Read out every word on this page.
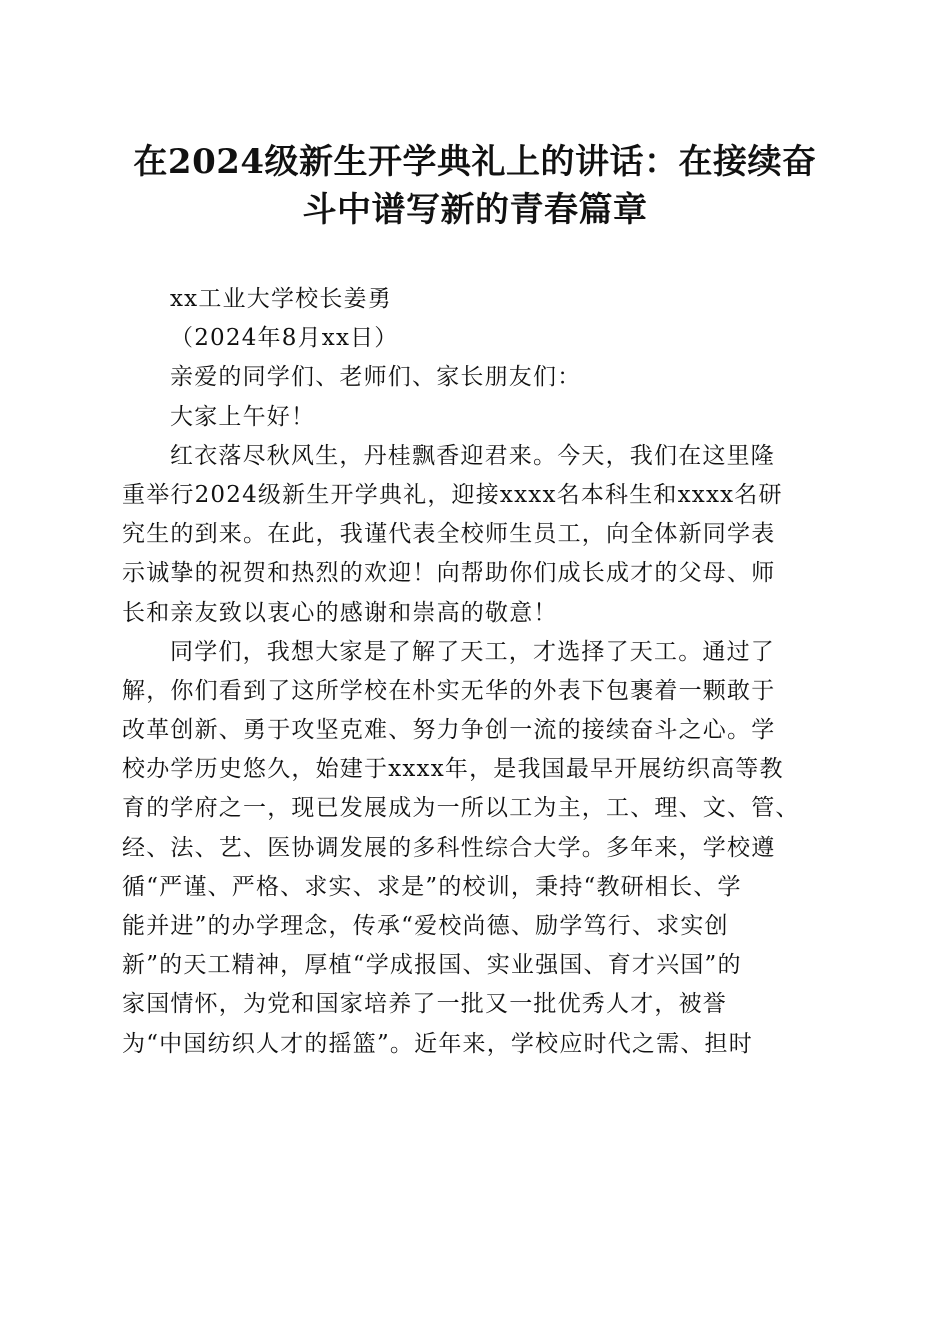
在2024级新生开学典礼上的讲话：在接续奋
斗中谱写新的青春篇章
xx工业大学校长姜勇
（2024年8月xx日）
亲爱的同学们、老师们、家长朋友们：
大家上午好！
红衣落尽秋风生，丹桂飘香迎君来。今天，我们在这里隆
重举行2024级新生开学典礼，迎接xxxx名本科生和xxxx名研
究生的到来。在此，我谨代表全校师生员工，向全体新同学表
示诚挚的祝贺和热烈的欢迎！向帮助你们成长成才的父母、师
长和亲友致以衷心的感谢和崇高的敬意！
同学们，我想大家是了解了天工，才选择了天工。通过了
解，你们看到了这所学校在朴实无华的外表下包裹着一颗敢于
改革创新、勇于攻坚克难、努力争创一流的接续奋斗之心。学
校办学历史悠久，始建于xxxx年，是我国最早开展纺织高等教
育的学府之一，现已发展成为一所以工为主，工、理、文、管、
经、法、艺、医协调发展的多科性综合大学。多年来，学校遵
循“严谨、严格、求实、求是”的校训，秉持“教研相长、学
能并进”的办学理念，传承“爱校尚德、励学笃行、求实创
新”的天工精神，厚植“学成报国、实业强国、育才兴国”的
家国情怀，为党和国家培养了一批又一批优秀人才，被誉
为“中国纺织人才的摇篮”。近年来，学校应时代之需、担时
